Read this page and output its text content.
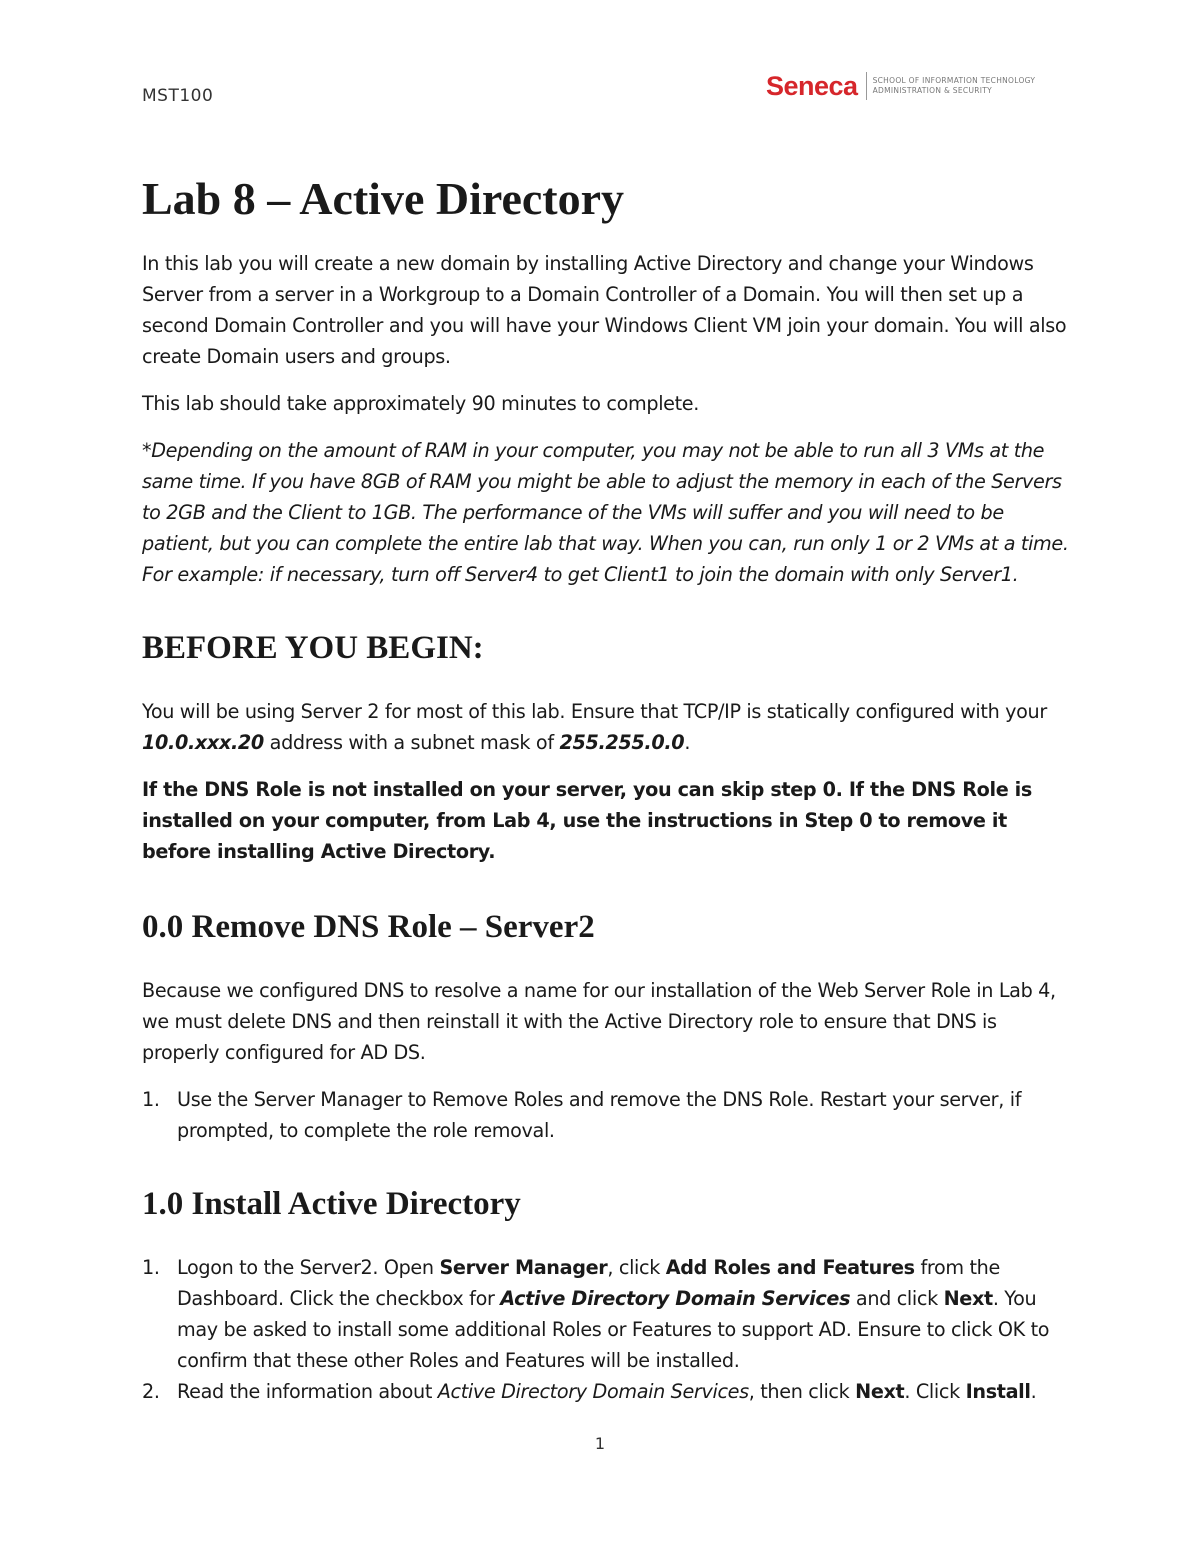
MST100	Seneca SCHOOL OF INFORMATION TECHNOLOGY
ADMINISTRATION & SECURITY
Lab 8 – Active Directory

In this lab you will create a new domain by installing Active Directory and change your Windows Server from a server in a Workgroup to a Domain Controller of a Domain. You will then set up a second Domain Controller and you will have your Windows Client VM join your domain. You will also create Domain users and groups.

This lab should take approximately 90 minutes to complete.

*Depending on the amount of RAM in your computer, you may not be able to run all 3 VMs at the same time. If you have 8GB of RAM you might be able to adjust the memory in each of the Servers to 2GB and the Client to 1GB. The performance of the VMs will suffer and you will need to be patient, but you can complete the entire lab that way. When you can, run only 1 or 2 VMs at a time. For example: if necessary, turn off Server4 to get Client1 to join the domain with only Server1.

BEFORE YOU BEGIN:

You will be using Server 2 for most of this lab. Ensure that TCP/IP is statically configured with your 10.0.xxx.20 address with a subnet mask of 255.255.0.0.

If the DNS Role is not installed on your server, you can skip step 0. If the DNS Role is installed on your computer, from Lab 4, use the instructions in Step 0 to remove it before installing Active Directory.

0.0 Remove DNS Role – Server2

Because we configured DNS to resolve a name for our installation of the Web Server Role in Lab 4, we must delete DNS and then reinstall it with the Active Directory role to ensure that DNS is properly configured for AD DS.

1. Use the Server Manager to Remove Roles and remove the DNS Role. Restart your server, if prompted, to complete the role removal.
1.0 Install Active Directory
1. Logon to the Server2. Open Server Manager, click Add Roles and Features from the Dashboard. Click the checkbox for Active Directory Domain Services and click Next. You may be asked to install some additional Roles or Features to support AD. Ensure to click OK to confirm that these other Roles and Features will be installed.
2. Read the information about Active Directory Domain Services, then click Next. Click Install.
1
